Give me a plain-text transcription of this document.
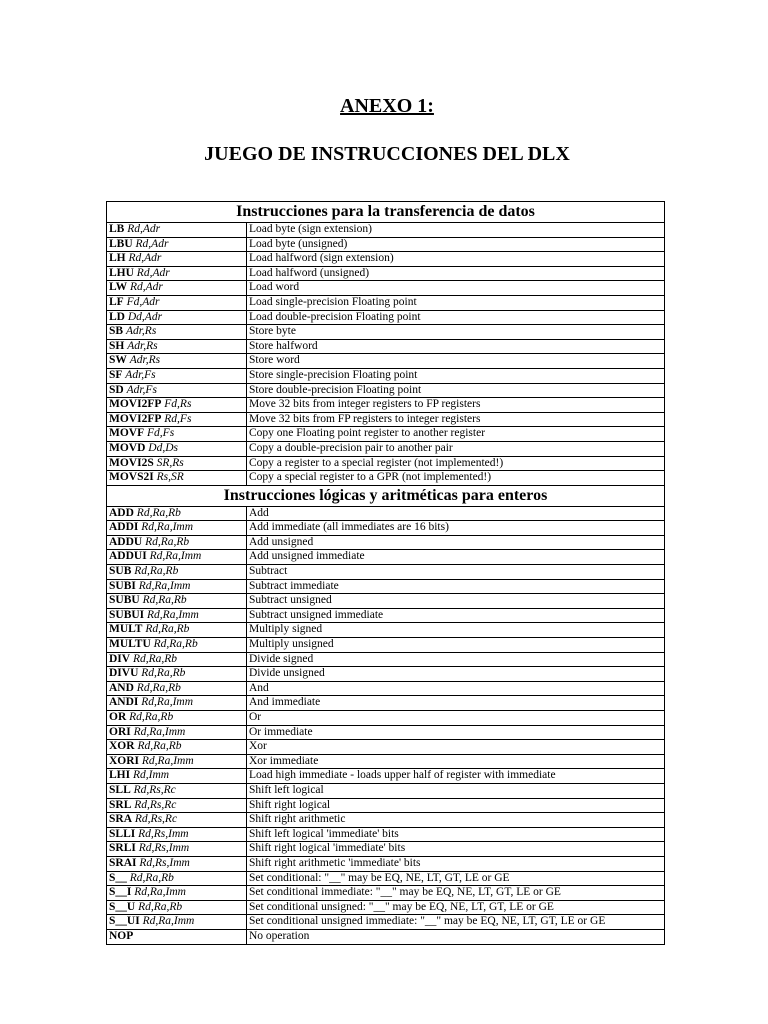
ANEXO 1:
JUEGO DE INSTRUCCIONES DEL DLX
Instrucciones para la transferencia de datos	
LB Rd,Adr	Load byte (sign extension)
LBU Rd,Adr	Load byte (unsigned)
LH Rd,Adr	Load halfword (sign extension)
LHU Rd,Adr	Load halfword (unsigned)
LW Rd,Adr	Load word
LF Fd,Adr	Load single-precision Floating point
LD Dd,Adr	Load double-precision Floating point
SB Adr,Rs	Store byte
SH Adr,Rs	Store halfword
SW Adr,Rs	Store word
SF Adr,Fs	Store single-precision Floating point
SD Adr,Fs	Store double-precision Floating point
MOVI2FP Fd,Rs	Move 32 bits from integer registers to FP registers
MOVI2FP Rd,Fs	Move 32 bits from FP registers to integer registers
MOVF Fd,Fs	Copy one Floating point register to another register
MOVD Dd,Ds	Copy a double-precision pair to another pair
MOVI2S SR,Rs	Copy a register to a special register (not implemented!)
MOVS2I Rs,SR	Copy a special register to a GPR (not implemented!)
Instrucciones lógicas y aritméticas para enteros	
ADD Rd,Ra,Rb	Add
ADDI Rd,Ra,Imm	Add immediate (all immediates are 16 bits)
ADDU Rd,Ra,Rb	Add unsigned
ADDUI Rd,Ra,Imm	Add unsigned immediate
SUB Rd,Ra,Rb	Subtract
SUBI Rd,Ra,Imm	Subtract immediate
SUBU Rd,Ra,Rb	Subtract unsigned
SUBUI Rd,Ra,Imm	Subtract unsigned immediate
MULT Rd,Ra,Rb	Multiply signed
MULTU Rd,Ra,Rb	Multiply unsigned
DIV Rd,Ra,Rb	Divide signed
DIVU Rd,Ra,Rb	Divide unsigned
AND Rd,Ra,Rb	And
ANDI Rd,Ra,Imm	And immediate
OR Rd,Ra,Rb	Or
ORI Rd,Ra,Imm	Or immediate
XOR Rd,Ra,Rb	Xor
XORI Rd,Ra,Imm	Xor immediate
LHI Rd,Imm	Load high immediate - loads upper half of register with immediate
SLL Rd,Rs,Rc	Shift left logical
SRL Rd,Rs,Rc	Shift right logical
SRA Rd,Rs,Rc	Shift right arithmetic
SLLI Rd,Rs,Imm	Shift left logical 'immediate' bits
SRLI Rd,Rs,Imm	Shift right logical 'immediate' bits
SRAI Rd,Rs,Imm	Shift right arithmetic 'immediate' bits
S__ Rd,Ra,Rb	Set conditional: "__" may be EQ, NE, LT, GT, LE or GE
S__I Rd,Ra,Imm	Set conditional immediate: "__" may be EQ, NE, LT, GT, LE or GE
S__U Rd,Ra,Rb	Set conditional unsigned: "__" may be EQ, NE, LT, GT, LE or GE
S__UI Rd,Ra,Imm	Set conditional unsigned immediate: "__" may be EQ, NE, LT, GT, LE or GE
NOP	No operation
